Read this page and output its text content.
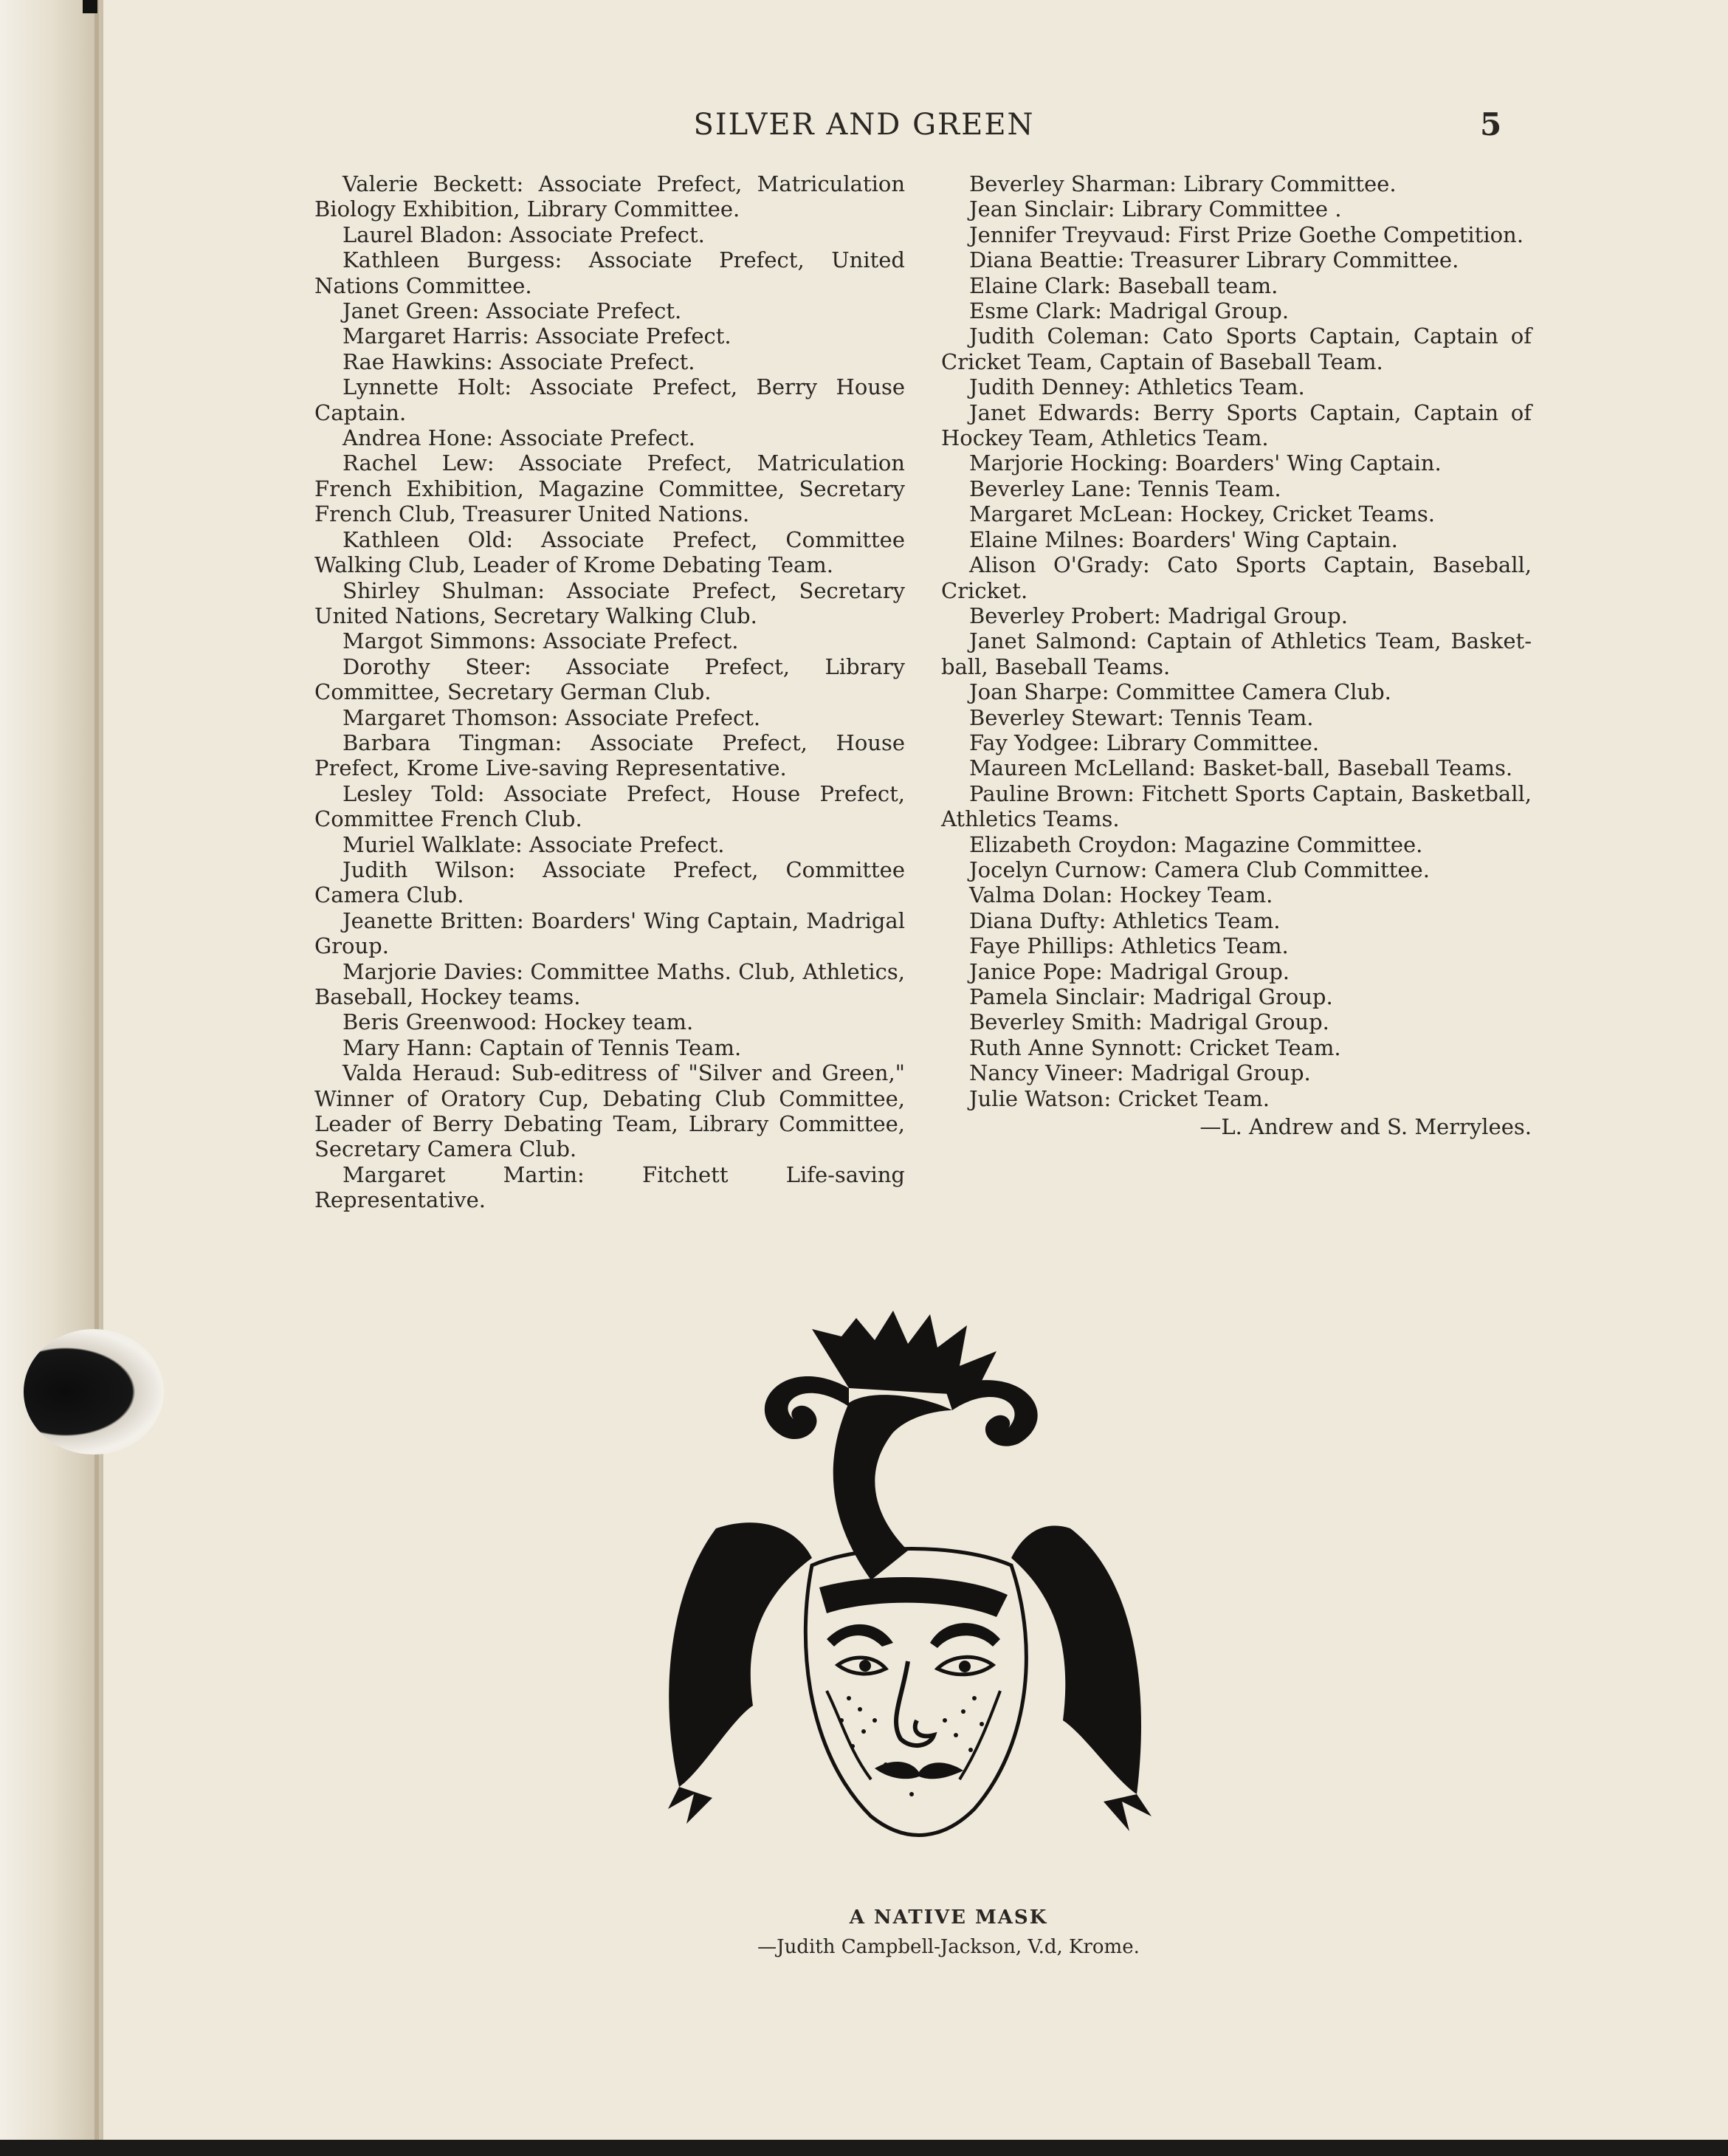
SILVER AND GREEN	5

Valerie Beckett: Associate Prefect, Matriculation Biology Exhibition, Library Committee.

Laurel Bladon: Associate Prefect.

Kathleen Burgess: Associate Prefect, United Nations Committee.

Janet Green: Associate Prefect.

Margaret Harris: Associate Prefect.

Rae Hawkins: Associate Prefect.

Lynnette Holt: Associate Prefect, Berry House Captain.

Andrea Hone: Associate Prefect.

Rachel Lew: Associate Prefect, Matriculation French Exhibition, Magazine Committee, Secretary French Club, Treasurer United Nations.

Kathleen Old: Associate Prefect, Committee Walking Club, Leader of Krome Debating Team.

Shirley Shulman: Associate Prefect, Secretary United Nations, Secretary Walking Club.

Margot Simmons: Associate Prefect.

Dorothy Steer: Associate Prefect, Library Committee, Secretary German Club.

Margaret Thomson: Associate Prefect.

Barbara Tingman: Associate Prefect, House Prefect, Krome Live-saving Representative.

Lesley Told: Associate Prefect, House Prefect, Committee French Club.

Muriel Walklate: Associate Prefect.

Judith Wilson: Associate Prefect, Committee Camera Club.

Jeanette Britten: Boarders' Wing Captain, Madrigal Group.

Marjorie Davies: Committee Maths. Club, Athletics, Baseball, Hockey teams.

Beris Greenwood: Hockey team.

Mary Hann: Captain of Tennis Team.

Valda Heraud: Sub-editress of "Silver and Green," Winner of Oratory Cup, Debating Club Committee, Leader of Berry Debating Team, Library Committee, Secretary Camera Club.

Margaret Martin: Fitchett Life-saving Representative.

Beverley Sharman: Library Committee.

Jean Sinclair: Library Committee .

Jennifer Treyvaud: First Prize Goethe Competition.

Diana Beattie: Treasurer Library Committee.

Elaine Clark: Baseball team.

Esme Clark: Madrigal Group.

Judith Coleman: Cato Sports Captain, Captain of Cricket Team, Captain of Baseball Team.

Judith Denney: Athletics Team.

Janet Edwards: Berry Sports Captain, Captain of Hockey Team, Athletics Team.

Marjorie Hocking: Boarders' Wing Captain.

Beverley Lane: Tennis Team.

Margaret McLean: Hockey, Cricket Teams.

Elaine Milnes: Boarders' Wing Captain.

Alison O'Grady: Cato Sports Captain, Baseball, Cricket.

Beverley Probert: Madrigal Group.

Janet Salmond: Captain of Athletics Team, Basket-ball, Baseball Teams.

Joan Sharpe: Committee Camera Club.

Beverley Stewart: Tennis Team.

Fay Yodgee: Library Committee.

Maureen McLelland: Basket-ball, Baseball Teams.

Pauline Brown: Fitchett Sports Captain, Basketball, Athletics Teams.

Elizabeth Croydon: Magazine Committee.

Jocelyn Curnow: Camera Club Committee.

Valma Dolan: Hockey Team.

Diana Dufty: Athletics Team.

Faye Phillips: Athletics Team.

Janice Pope: Madrigal Group.

Pamela Sinclair: Madrigal Group.

Beverley Smith: Madrigal Group.

Ruth Anne Synnott: Cricket Team.

Nancy Vineer: Madrigal Group.

Julie Watson: Cricket Team.

—L. Andrew and S. Merrylees.

A NATIVE MASK
—Judith Campbell-Jackson, V.d, Krome.
